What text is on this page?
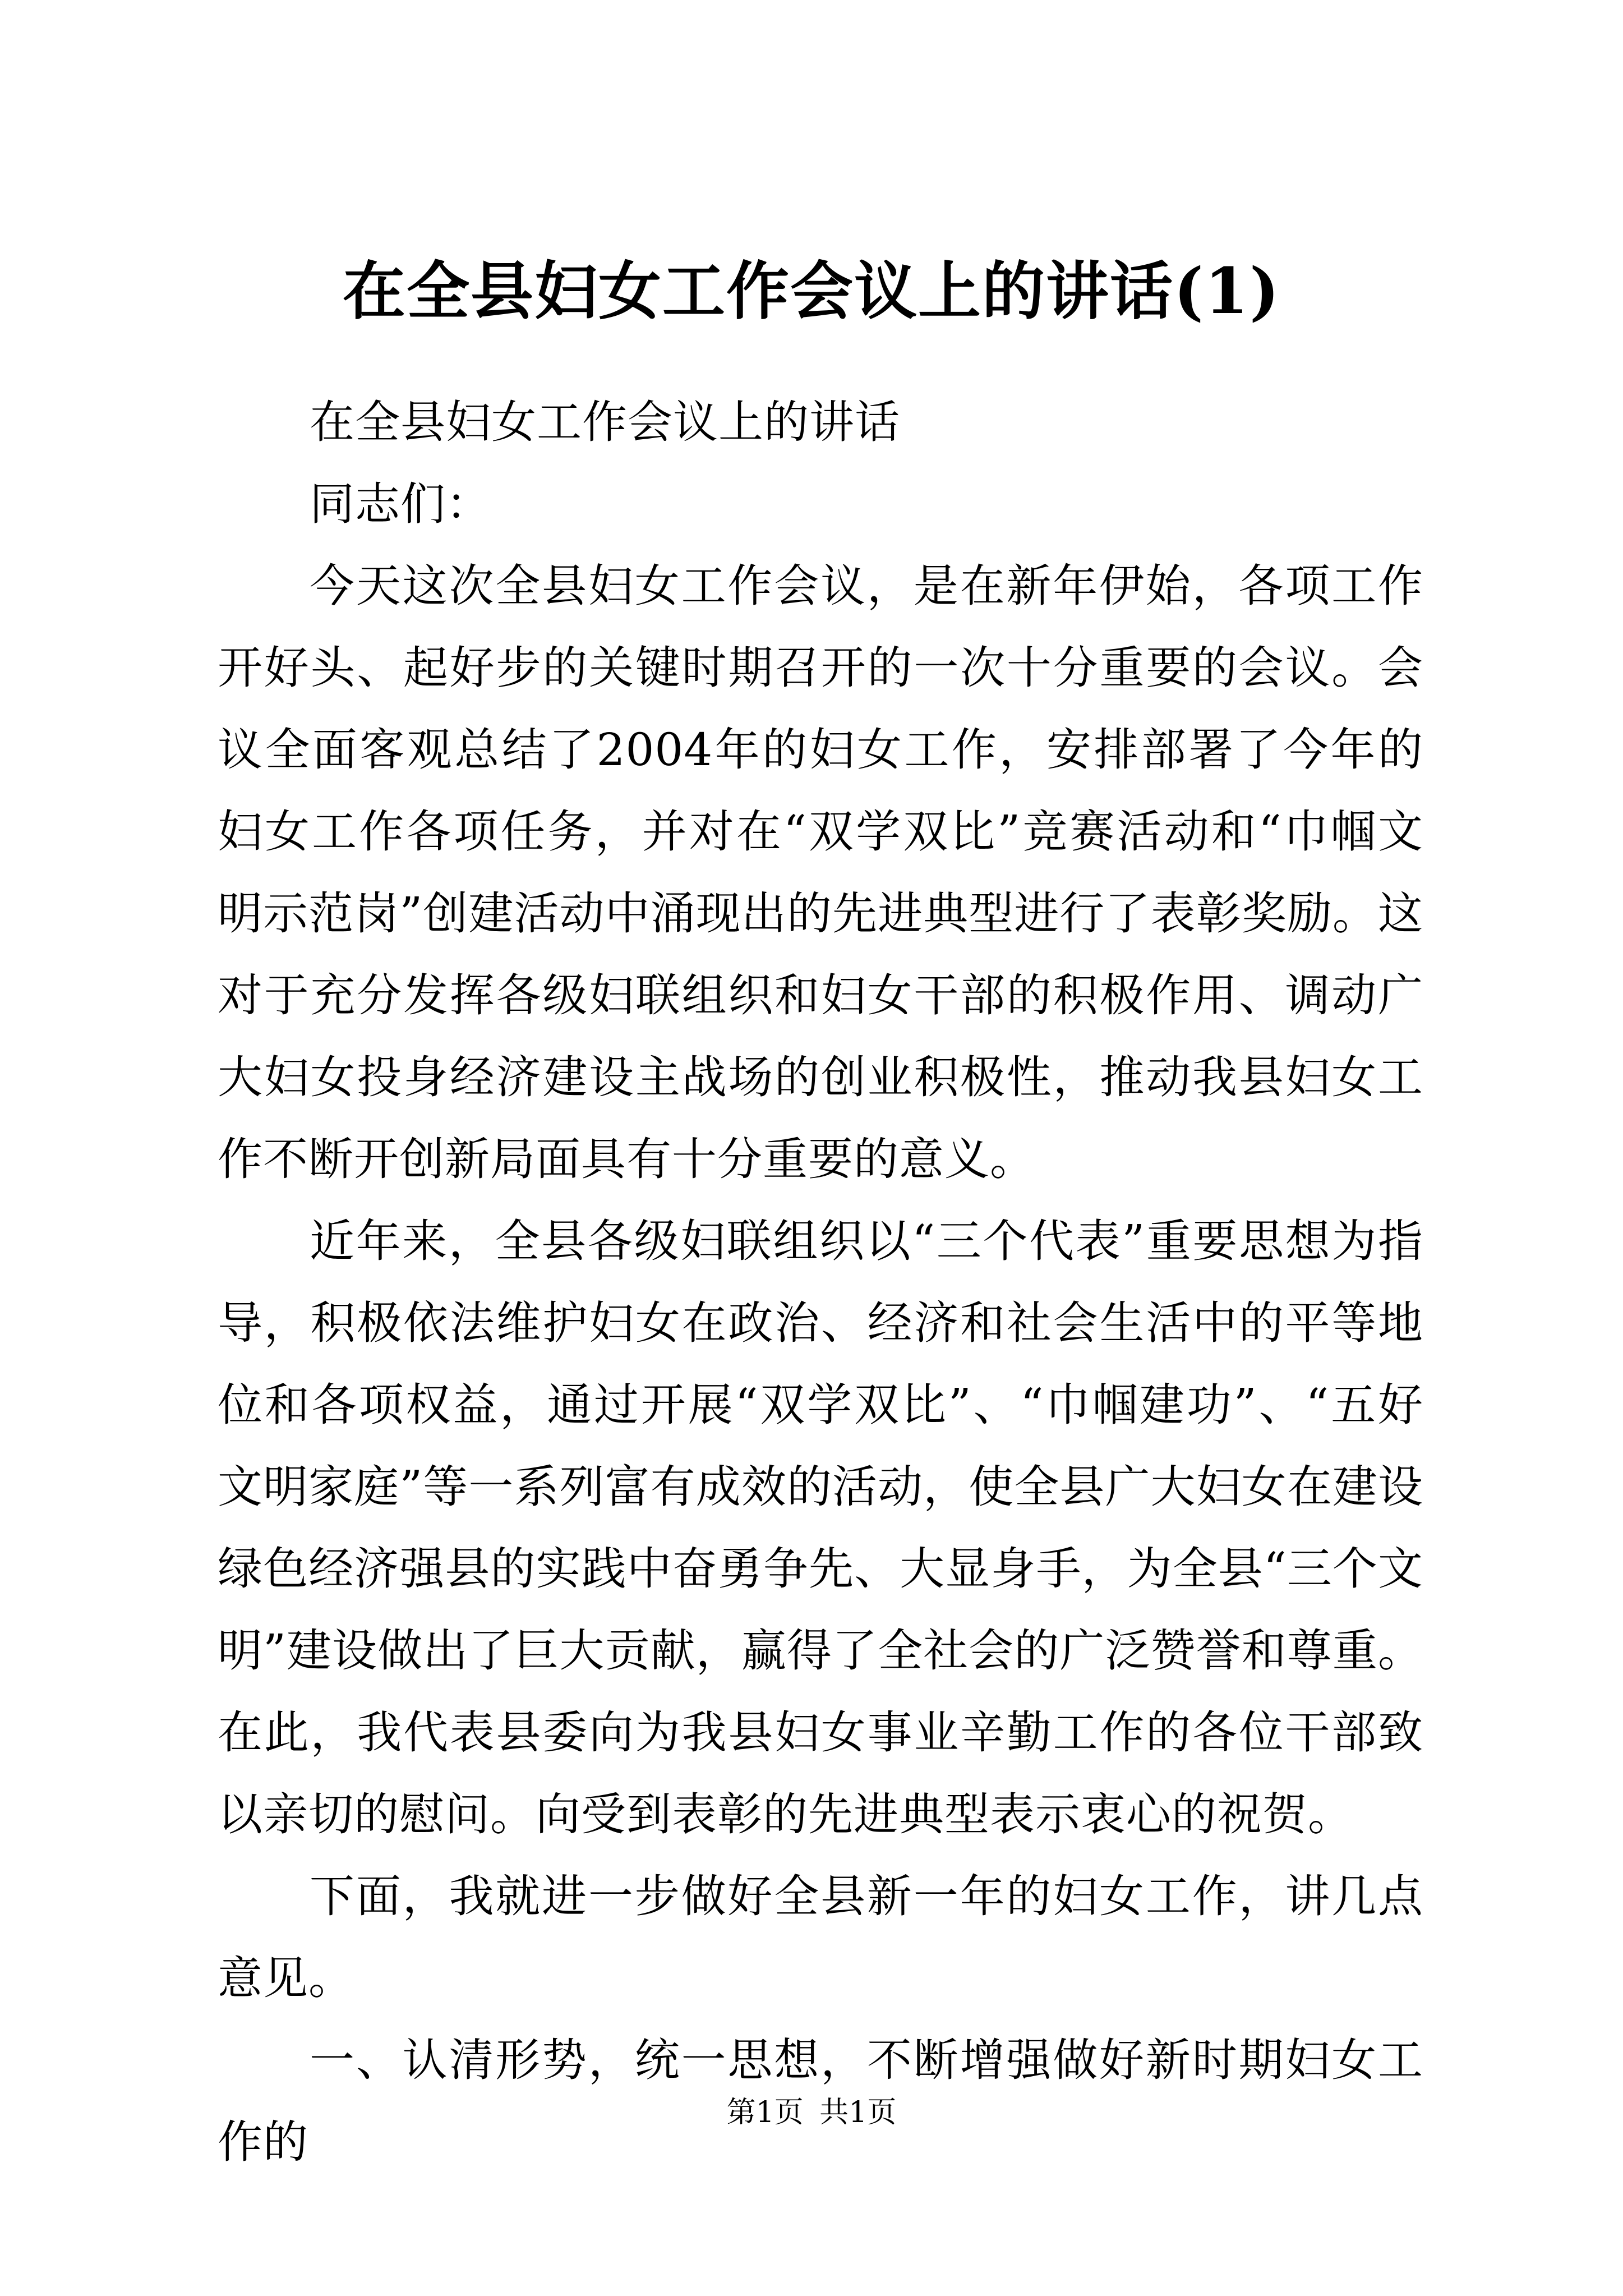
在全县妇女工作会议上的讲话(1)

在全县妇女工作会议上的讲话

同志们：

今天这次全县妇女工作会议，是在新年伊始，各项工作开好头、起好步的关键时期召开的一次十分重要的会议。会议全面客观总结了2004年的妇女工作，安排部署了今年的妇女工作各项任务，并对在“双学双比”竞赛活动和“巾帼文明示范岗”创建活动中涌现出的先进典型进行了表彰奖励。这对于充分发挥各级妇联组织和妇女干部的积极作用、调动广大妇女投身经济建设主战场的创业积极性，推动我县妇女工作不断开创新局面具有十分重要的意义。

近年来，全县各级妇联组织以“三个代表”重要思想为指导，积极依法维护妇女在政治、经济和社会生活中的平等地位和各项权益，通过开展“双学双比”、“巾帼建功”、“五好文明家庭”等一系列富有成效的活动，使全县广大妇女在建设绿色经济强县的实践中奋勇争先、大显身手，为全县“三个文明”建设做出了巨大贡献，赢得了全社会的广泛赞誉和尊重。在此，我代表县委向为我县妇女事业辛勤工作的各位干部致以亲切的慰问。向受到表彰的先进典型表示衷心的祝贺。

下面，我就进一步做好全县新一年的妇女工作，讲几点意见。

一、认清形势，统一思想，不断增强做好新时期妇女工作的

第1页 共1页
